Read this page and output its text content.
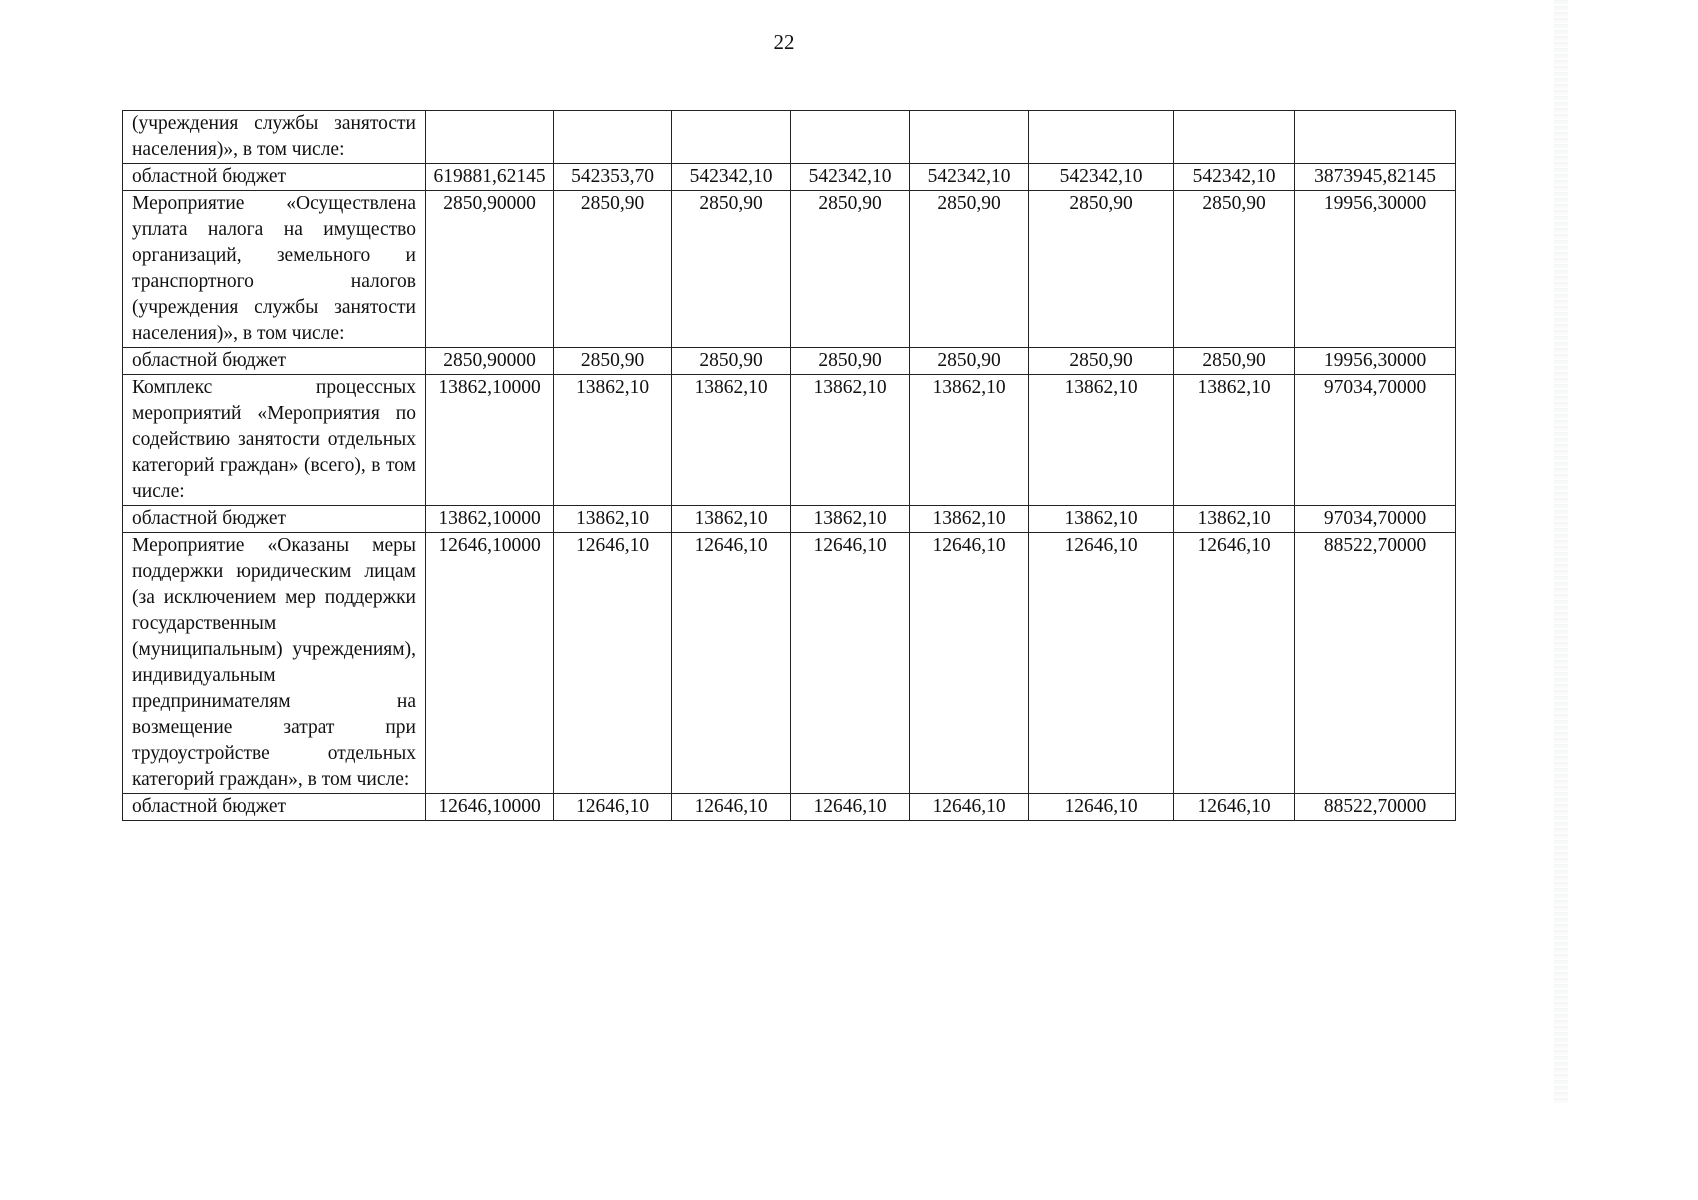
22
(учреждения службы занятости населения)», в том числе:								

областной бюджет	619881,62145	542353,70	542342,10	542342,10	542342,10	542342,10	542342,10	3873945,82145

Мероприятие «Осуществлена уплата налога на имущество организаций, земельного и транспортного налогов (учреждения службы занятости населения)», в том числе:	2850,90000	2850,90	2850,90	2850,90	2850,90	2850,90	2850,90	19956,30000

областной бюджет	2850,90000	2850,90	2850,90	2850,90	2850,90	2850,90	2850,90	19956,30000

Комплекс процессных мероприятий «Мероприятия по содействию занятости отдельных категорий граждан» (всего), в том числе:	13862,10000	13862,10	13862,10	13862,10	13862,10	13862,10	13862,10	97034,70000

областной бюджет	13862,10000	13862,10	13862,10	13862,10	13862,10	13862,10	13862,10	97034,70000

Мероприятие «Оказаны меры поддержки юридическим лицам (за исключением мер поддержки государственным (муниципальным) учреждениям), индивидуальным предпринимателям на возмещение затрат при трудоустройстве отдельных категорий граждан», в том числе:	12646,10000	12646,10	12646,10	12646,10	12646,10	12646,10	12646,10	88522,70000

областной бюджет	12646,10000	12646,10	12646,10	12646,10	12646,10	12646,10	12646,10	88522,70000
